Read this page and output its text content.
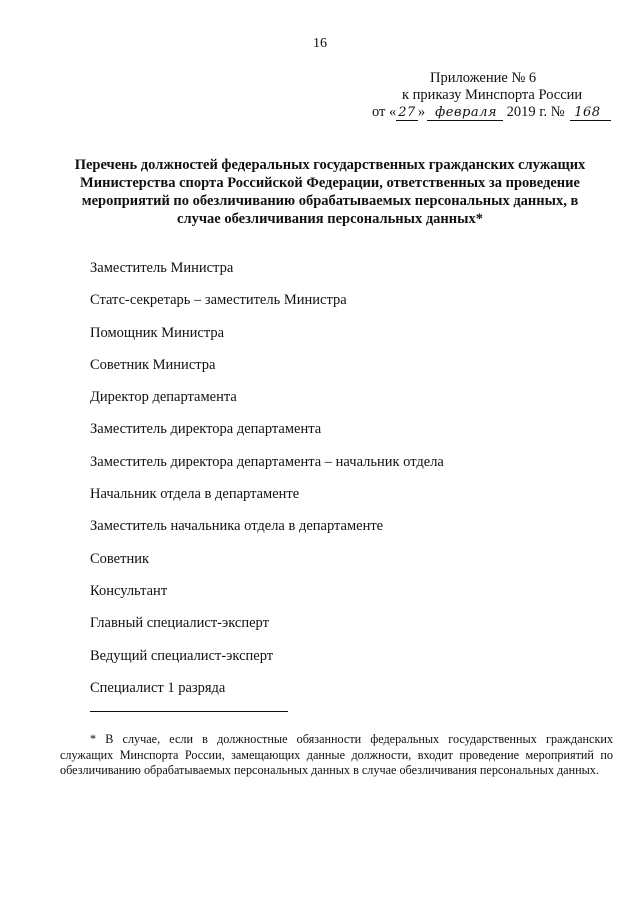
16
Приложение № 6
к приказу Минспорта России
от « 27 » февраля 2019 г. № 168
Перечень должностей федеральных государственных гражданских служащих
Министерства спорта Российской Федерации, ответственных за проведение
мероприятий по обезличиванию обрабатываемых персональных данных, в
случае обезличивания персональных данных*
Заместитель Министра
Статс-секретарь – заместитель Министра
Помощник Министра
Советник Министра
Директор департамента
Заместитель директора департамента
Заместитель директора департамента – начальник отдела
Начальник отдела в департаменте
Заместитель начальника отдела в департаменте
Советник
Консультант
Главный специалист-эксперт
Ведущий специалист-эксперт
Специалист 1 разряда
* В случае, если в должностные обязанности федеральных государственных гражданских служащих Минспорта России, замещающих данные должности, входит проведение мероприятий по обезличиванию обрабатываемых персональных данных в случае обезличивания персональных данных.
